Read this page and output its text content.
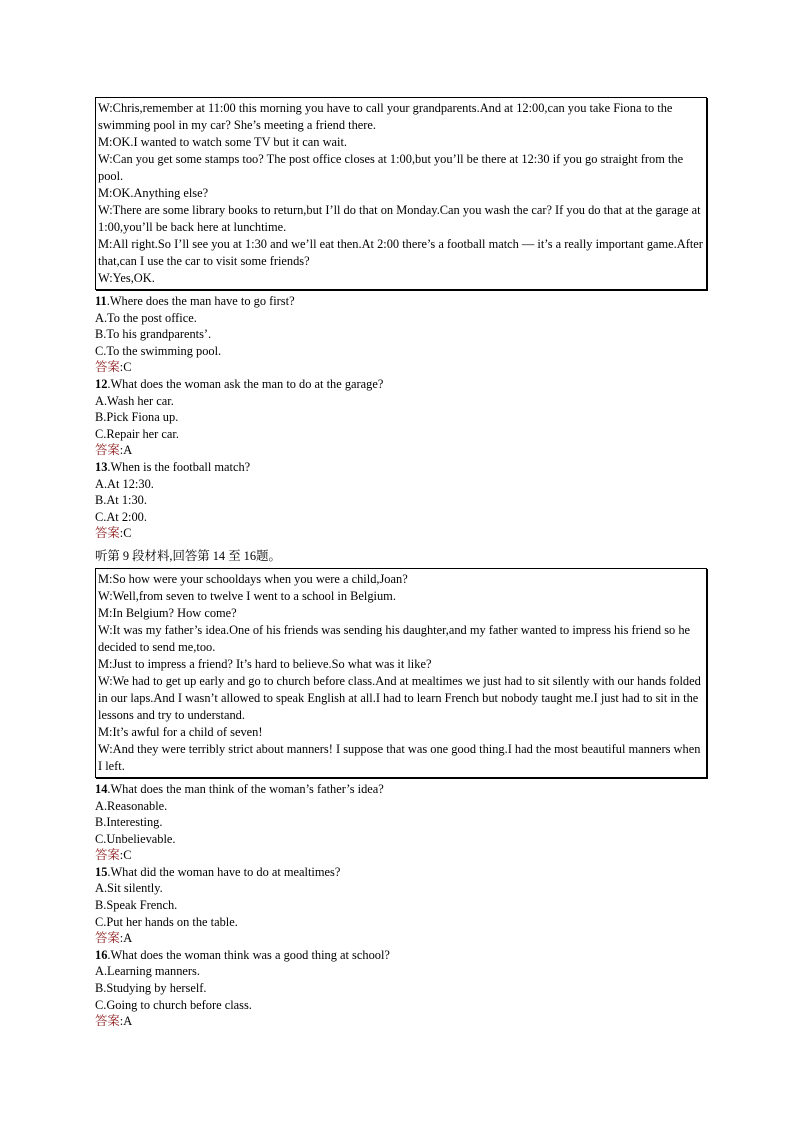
W:Chris,remember at 11:00 this morning you have to call your grandparents.And at 12:00,can you take Fiona to the swimming pool in my car? She’s meeting a friend there.

M:OK.I wanted to watch some TV but it can wait.

W:Can you get some stamps too? The post office closes at 1:00,but you’ll be there at 12:30 if you go straight from the pool.

M:OK.Anything else?

W:There are some library books to return,but I’ll do that on Monday.Can you wash the car? If you do that at the garage at 1:00,you’ll be back here at lunchtime.

M:All right.So I’ll see you at 1:30 and we’ll eat then.At 2:00 there’s a football match — it’s a really important game.After that,can I use the car to visit some friends?

W:Yes,OK.

11.Where does the man have to go first?

A.To the post office.

B.To his grandparents’.

C.To the swimming pool.

答案:C

12.What does the woman ask the man to do at the garage?

A.Wash her car.

B.Pick Fiona up.

C.Repair her car.

答案:A

13.When is the football match?

A.At 12:30.

B.At 1:30.

C.At 2:00.

答案:C

听第 9 段材料,回答第 14 至 16题。

M:So how were your schooldays when you were a child,Joan?

W:Well,from seven to twelve I went to a school in Belgium.

M:In Belgium? How come?

W:It was my father’s idea.One of his friends was sending his daughter,and my father wanted to impress his friend so he decided to send me,too.

M:Just to impress a friend? It’s hard to believe.So what was it like?

W:We had to get up early and go to church before class.And at mealtimes we just had to sit silently with our hands folded in our laps.And I wasn’t allowed to speak English at all.I had to learn French but nobody taught me.I just had to sit in the lessons and try to understand.

M:It’s awful for a child of seven!

W:And they were terribly strict about manners! I suppose that was one good thing.I had the most beautiful manners when I left.

14.What does the man think of the woman’s father’s idea?

A.Reasonable.

B.Interesting.

C.Unbelievable.

答案:C

15.What did the woman have to do at mealtimes?

A.Sit silently.

B.Speak French.

C.Put her hands on the table.

答案:A

16.What does the woman think was a good thing at school?

A.Learning manners.

B.Studying by herself.

C.Going to church before class.

答案:A
